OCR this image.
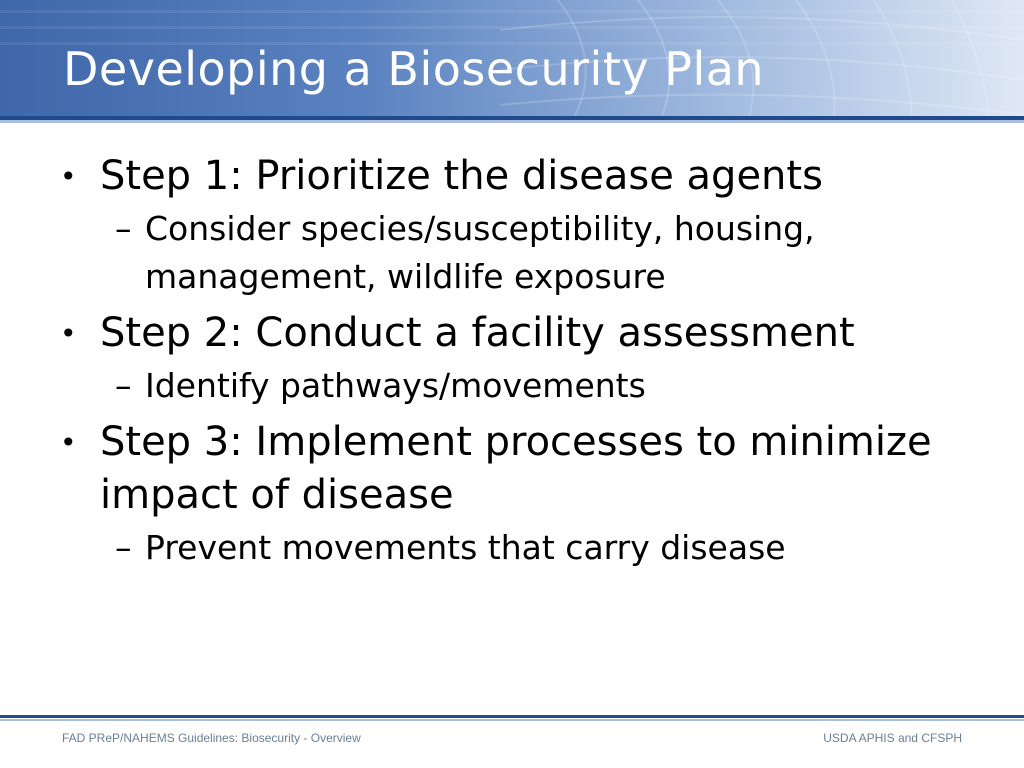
Developing a Biosecurity Plan
• Step 1: Prioritize the disease agents
– Consider species/susceptibility, housing, management, wildlife exposure
• Step 2: Conduct a facility assessment
– Identify pathways/movements
• Step 3: Implement processes to minimize impact of disease
– Prevent movements that carry disease
FAD PReP/NAHEMS Guidelines: Biosecurity - Overview	USDA APHIS and CFSPH
